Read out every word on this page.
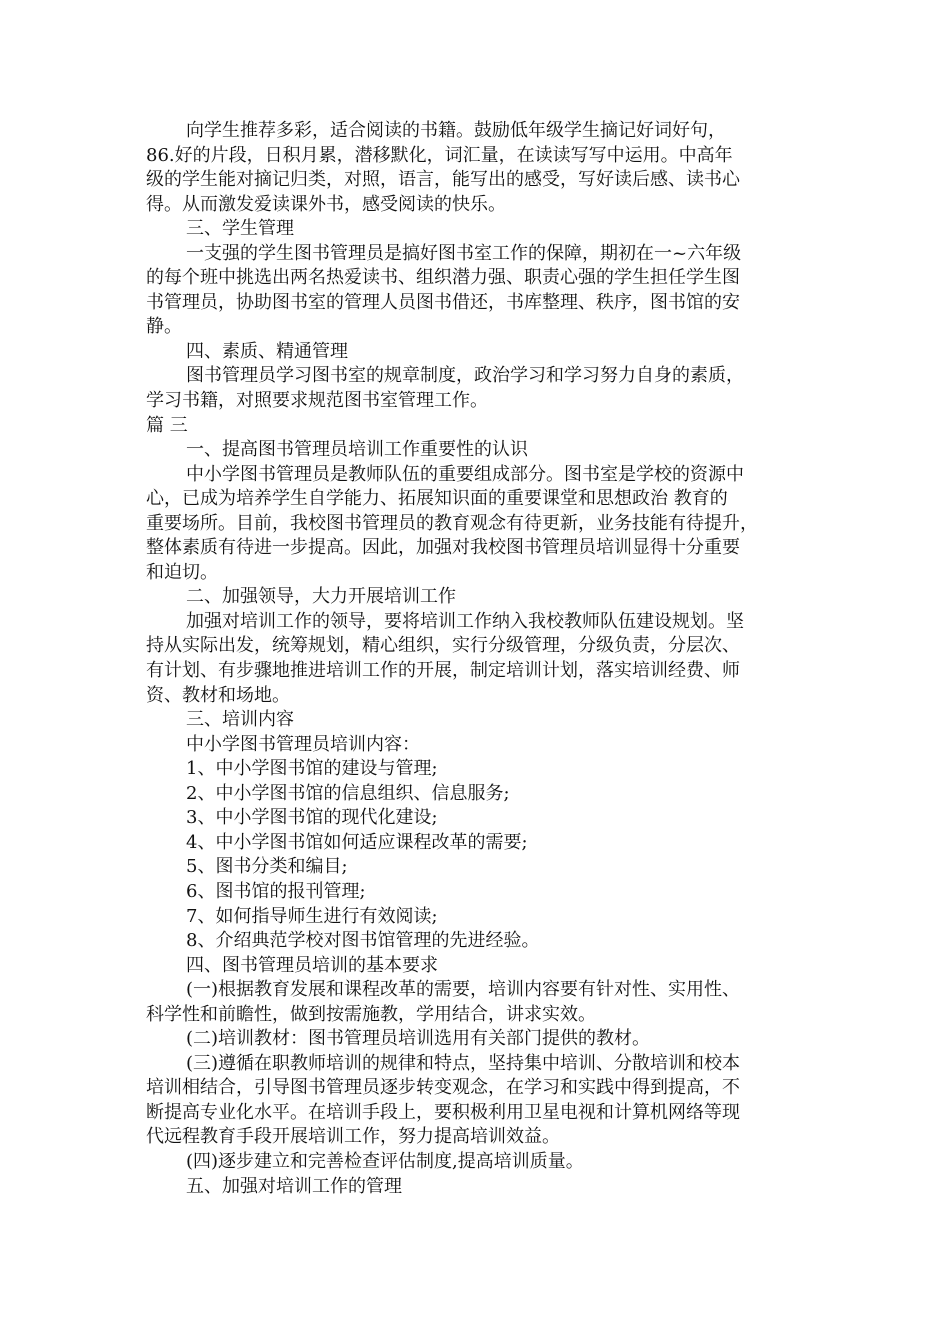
向学生推荐多彩，适合阅读的书籍。鼓励低年级学生摘记好词好句，
86.好的片段，日积月累，潜移默化，词汇量，在读读写写中运用。中高年
级的学生能对摘记归类，对照，语言，能写出的感受，写好读后感、读书心
得。从而激发爱读课外书，感受阅读的快乐。
三、学生管理
一支强的学生图书管理员是搞好图书室工作的保障，期初在一~六年级
的每个班中挑选出两名热爱读书、组织潜力强、职责心强的学生担任学生图
书管理员，协助图书室的管理人员图书借还，书库整理、秩序，图书馆的安
静。
四、素质、精通管理
图书管理员学习图书室的规章制度，政治学习和学习努力自身的素质，
学习书籍，对照要求规范图书室管理工作。
篇 三
一、提高图书管理员培训工作重要性的认识
中小学图书管理员是教师队伍的重要组成部分。图书室是学校的资源中
心，已成为培养学生自学能力、拓展知识面的重要课堂和思想政治 教育的
重要场所。目前，我校图书管理员的教育观念有待更新，业务技能有待提升，
整体素质有待进一步提高。因此，加强对我校图书管理员培训显得十分重要
和迫切。
二、加强领导，大力开展培训工作
加强对培训工作的领导，要将培训工作纳入我校教师队伍建设规划。坚
持从实际出发，统筹规划，精心组织，实行分级管理，分级负责，分层次、
有计划、有步骤地推进培训工作的开展，制定培训计划，落实培训经费、师
资、教材和场地。
三、培训内容
中小学图书管理员培训内容：
1、中小学图书馆的建设与管理;
2、中小学图书馆的信息组织、信息服务;
3、中小学图书馆的现代化建设;
4、中小学图书馆如何适应课程改革的需要;
5、图书分类和编目;
6、图书馆的报刊管理;
7、如何指导师生进行有效阅读;
8、介绍典范学校对图书馆管理的先进经验。
四、图书管理员培训的基本要求
(一)根据教育发展和课程改革的需要，培训内容要有针对性、实用性、
科学性和前瞻性，做到按需施教，学用结合，讲求实效。
(二)培训教材：图书管理员培训选用有关部门提供的教材。
(三)遵循在职教师培训的规律和特点，坚持集中培训、分散培训和校本
培训相结合，引导图书管理员逐步转变观念，在学习和实践中得到提高，不
断提高专业化水平。在培训手段上，要积极利用卫星电视和计算机网络等现
代远程教育手段开展培训工作，努力提高培训效益。
(四)逐步建立和完善检查评估制度,提高培训质量。
五、加强对培训工作的管理
